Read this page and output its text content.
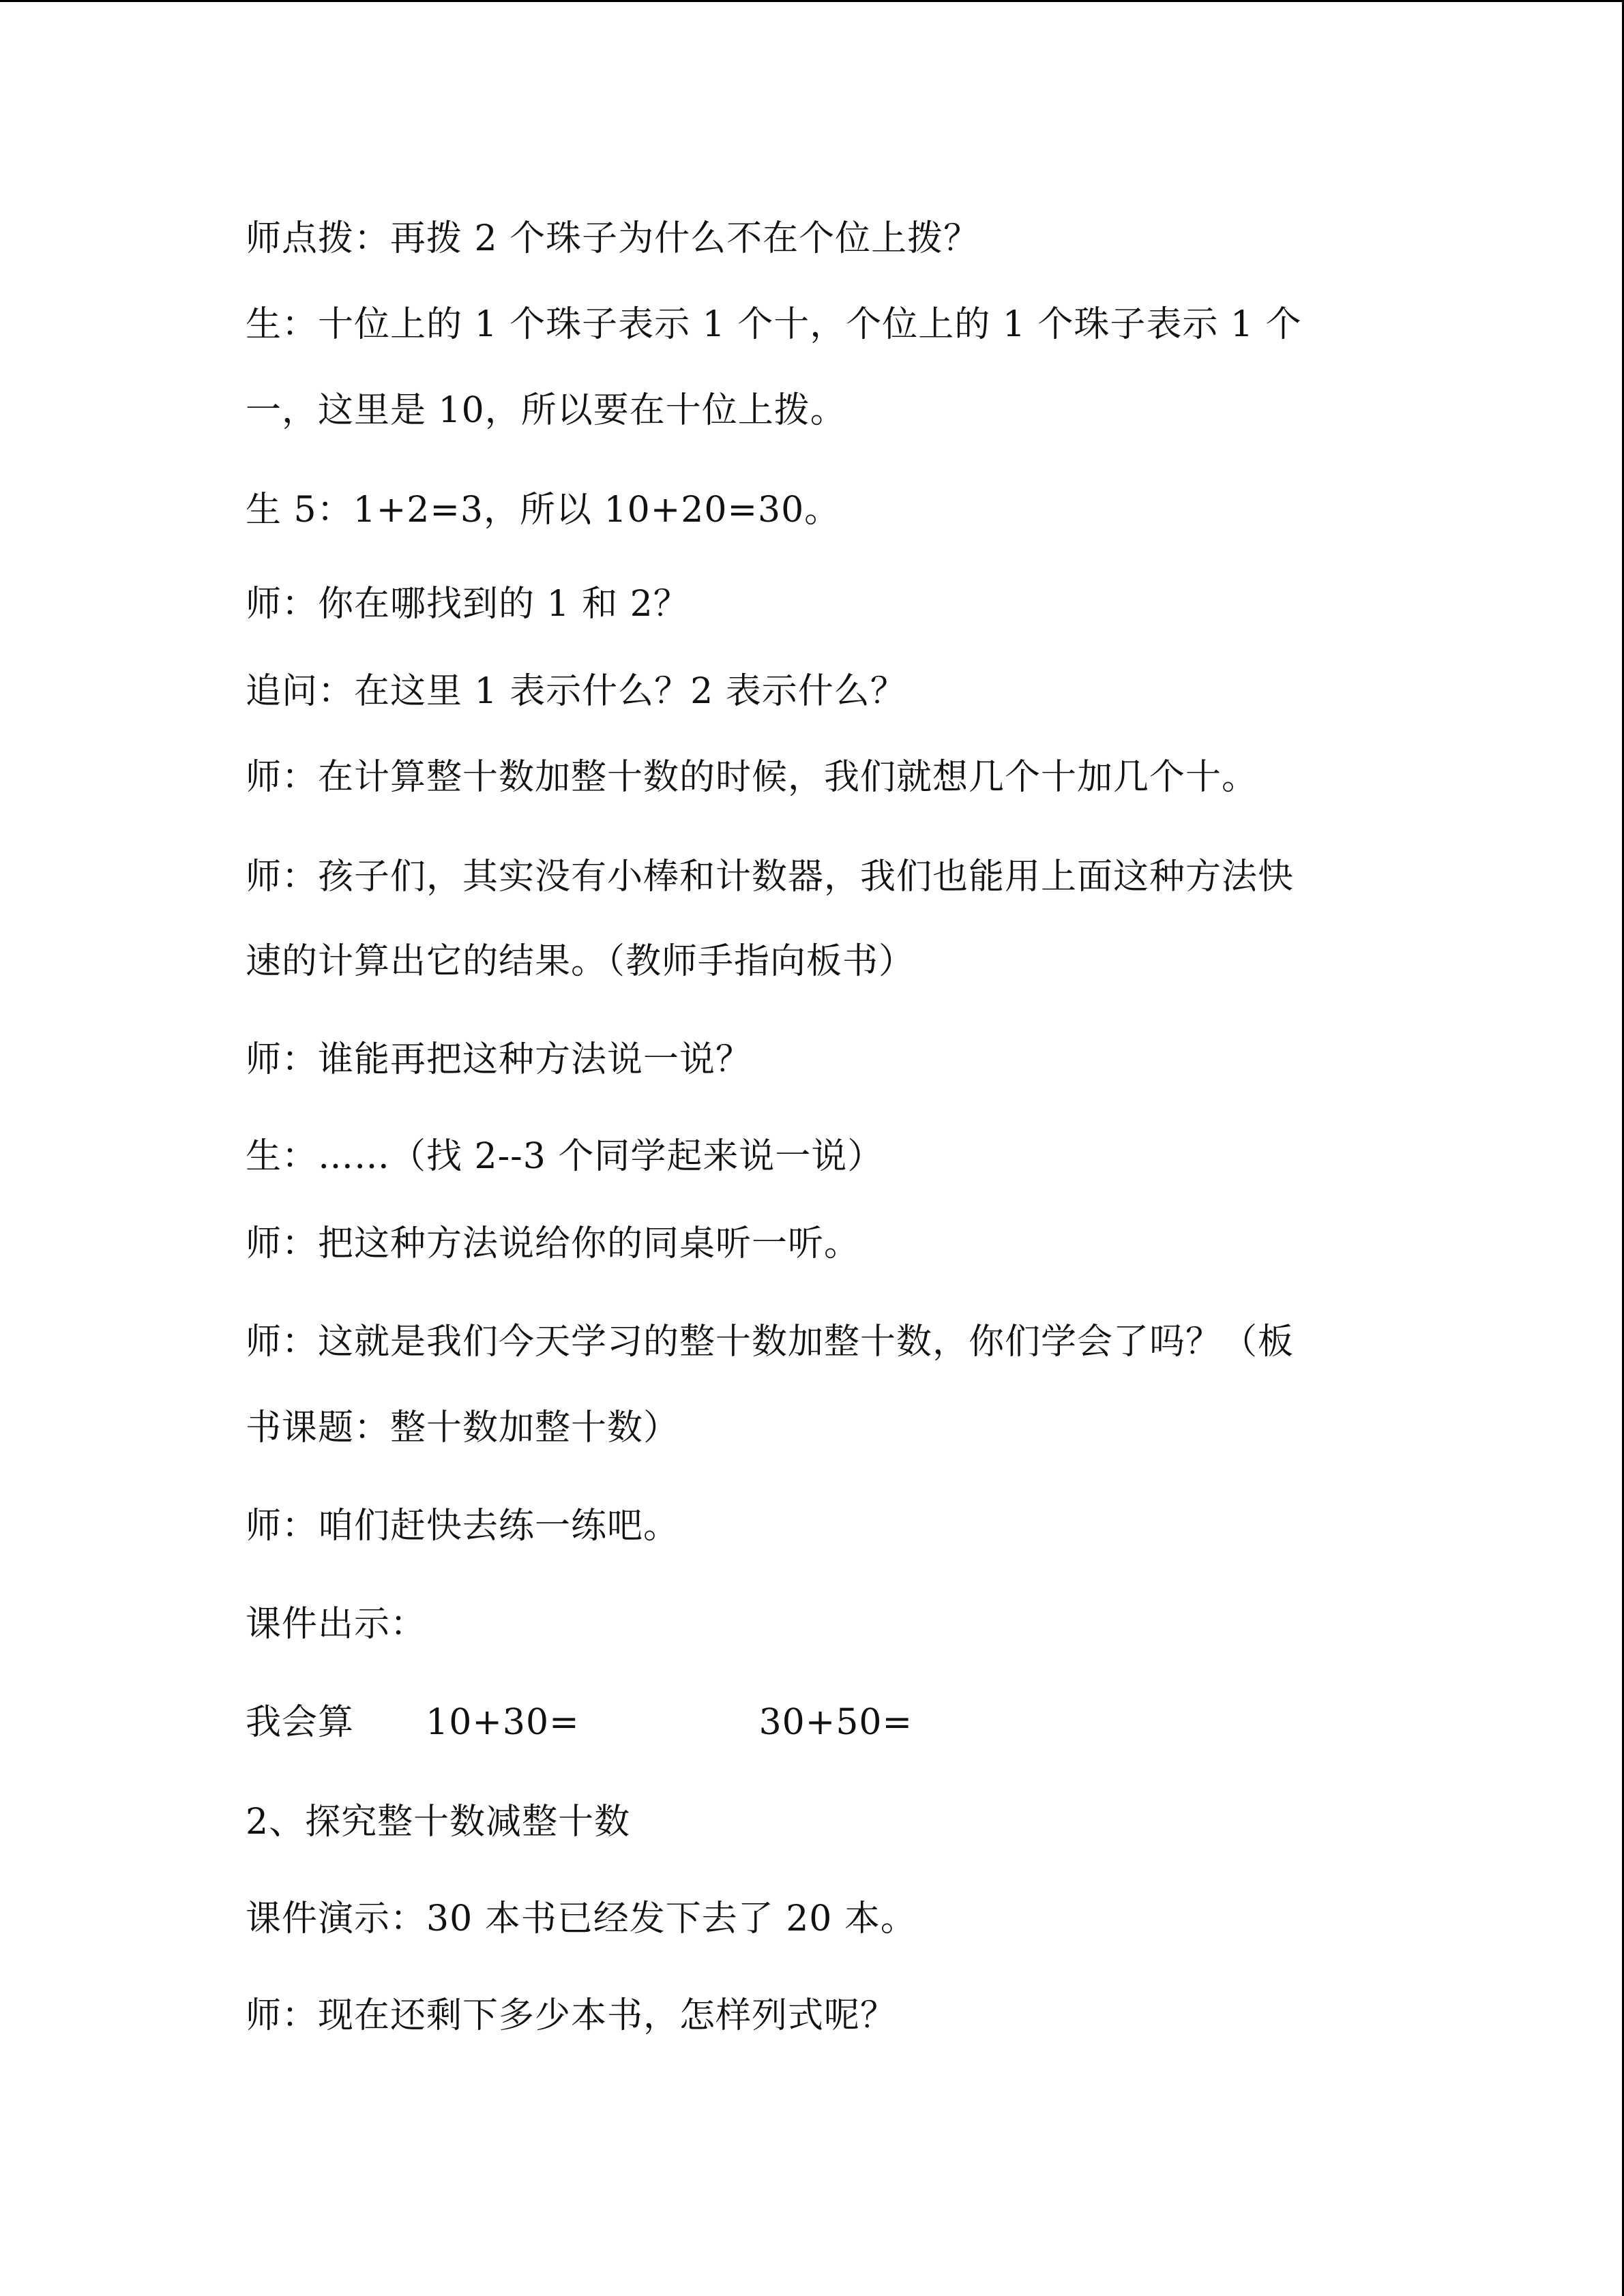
师点拨：再拨 2 个珠子为什么不在个位上拨？
生：十位上的 1 个珠子表示 1 个十，个位上的 1 个珠子表示 1 个
一，这里是 10，所以要在十位上拨。
生 5：1+2=3，所以 10+20=30。
师：你在哪找到的 1 和 2？
追问：在这里 1 表示什么？2 表示什么？
师：在计算整十数加整十数的时候，我们就想几个十加几个十。
师：孩子们，其实没有小棒和计数器，我们也能用上面这种方法快
速的计算出它的结果。（教师手指向板书）
师：谁能再把这种方法说一说？
生：……（找 2--3 个同学起来说一说）
师：把这种方法说给你的同桌听一听。
师：这就是我们今天学习的整十数加整十数，你们学会了吗？（板
书课题：整十数加整十数）
师：咱们赶快去练一练吧。
课件出示：
我会算      10+30=               30+50=
2、探究整十数减整十数
课件演示：30 本书已经发下去了 20 本。
师：现在还剩下多少本书，怎样列式呢？
